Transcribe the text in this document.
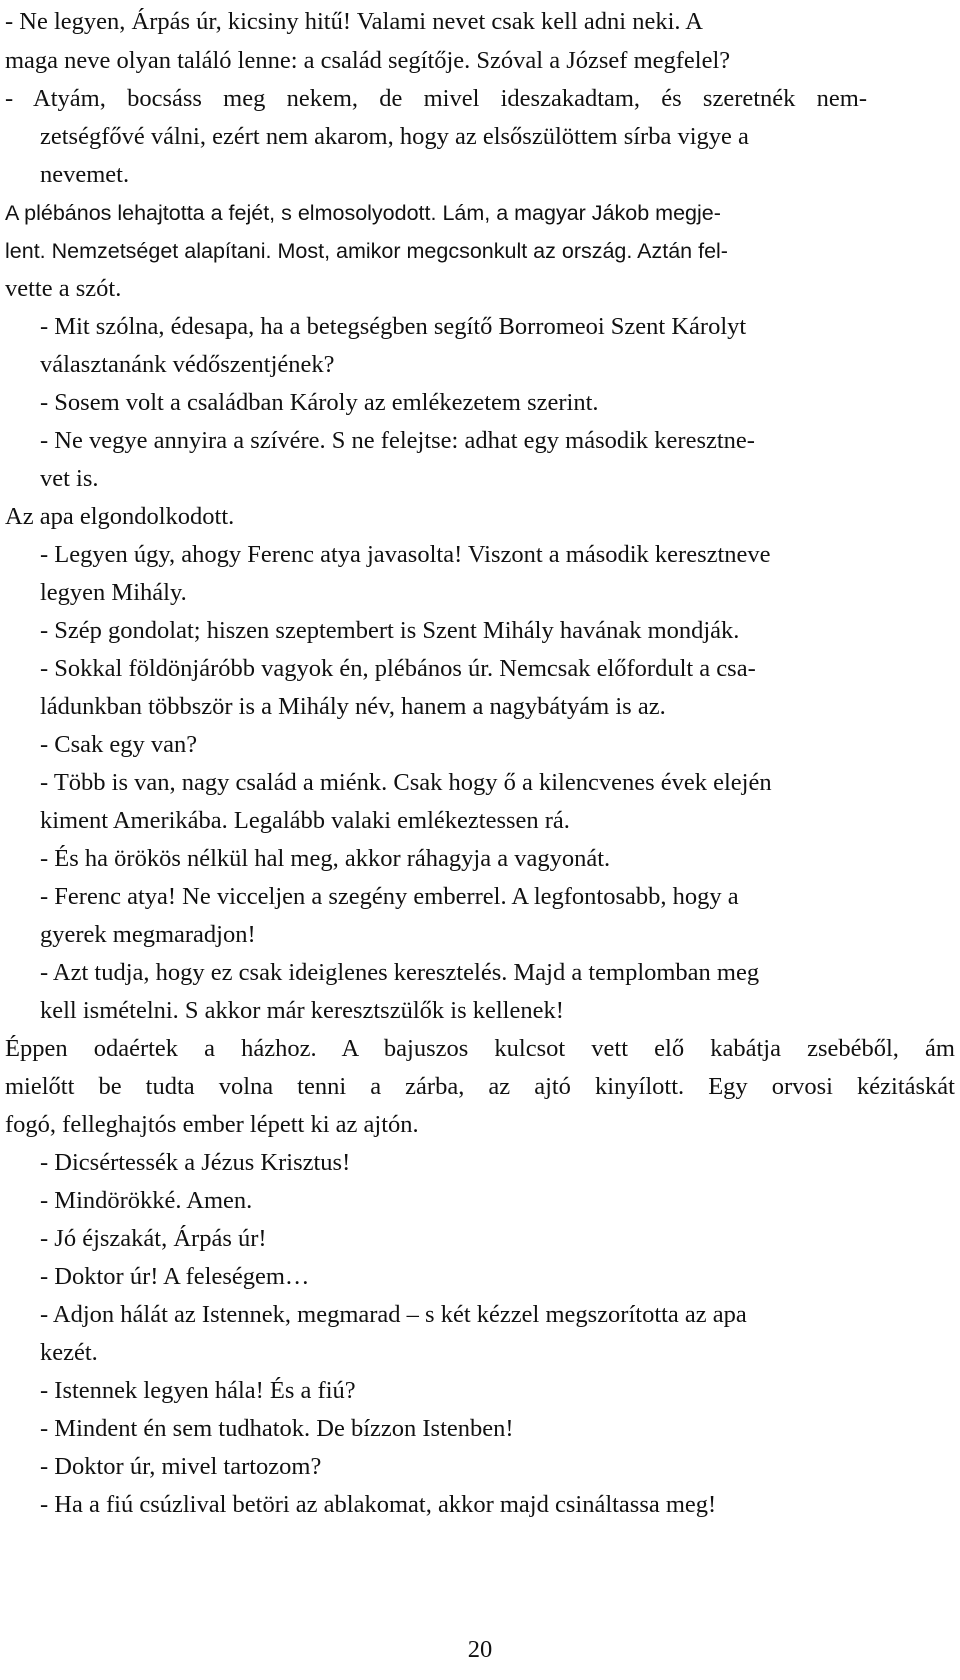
- Ne legyen, Árpás úr, kicsiny hitű! Valami nevet csak kell adni neki. A
maga neve olyan találó lenne: a család segítője. Szóval a József megfelel?
- Atyám, bocsáss meg nekem, de mivel ideszakadtam, és szeretnék nem-
zetségfővé válni, ezért nem akarom, hogy az elsőszülöttem sírba vigye a
nevemet.
A plébános lehajtotta a fejét, s elmosolyodott. Lám, a magyar Jákob megje-
lent. Nemzetséget alapítani. Most, amikor megcsonkult az ország. Aztán fel-
vette a szót.
- Mit szólna, édesapa, ha a betegségben segítő Borromeoi Szent Károlyt
választanánk védőszentjének?
- Sosem volt a családban Károly az emlékezetem szerint.
- Ne vegye annyira a szívére. S ne felejtse: adhat egy második keresztne-
vet is.
Az apa elgondolkodott.
- Legyen úgy, ahogy Ferenc atya javasolta! Viszont a második keresztneve
legyen Mihály.
- Szép gondolat; hiszen szeptembert is Szent Mihály havának mondják.
- Sokkal földönjáróbb vagyok én, plébános úr. Nemcsak előfordult a csa-
ládunkban többször is a Mihály név, hanem a nagybátyám is az.
- Csak egy van?
- Több is van, nagy család a miénk. Csak hogy ő a kilencvenes évek elején
kiment Amerikába. Legalább valaki emlékeztessen rá.
- És ha örökös nélkül hal meg, akkor ráhagyja a vagyonát.
- Ferenc atya! Ne vicceljen a szegény emberrel. A legfontosabb, hogy a
gyerek megmaradjon!
- Azt tudja, hogy ez csak ideiglenes keresztelés. Majd a templomban meg
kell ismételni. S akkor már keresztszülők is kellenek!
Éppen odaértek a házhoz. A bajuszos kulcsot vett elő kabátja zsebéből, ám
mielőtt be tudta volna tenni a zárba, az ajtó kinyílott. Egy orvosi kézitáskát
fogó, felleghajtós ember lépett ki az ajtón.
- Dicsértessék a Jézus Krisztus!
- Mindörökké. Amen.
- Jó éjszakát, Árpás úr!
- Doktor úr! A feleségem…
- Adjon hálát az Istennek, megmarad – s két kézzel megszorította az apa
kezét.
- Istennek legyen hála! És a fiú?
- Mindent én sem tudhatok. De bízzon Istenben!
- Doktor úr, mivel tartozom?
- Ha a fiú csúzlival betöri az ablakomat, akkor majd csináltassa meg!
20
